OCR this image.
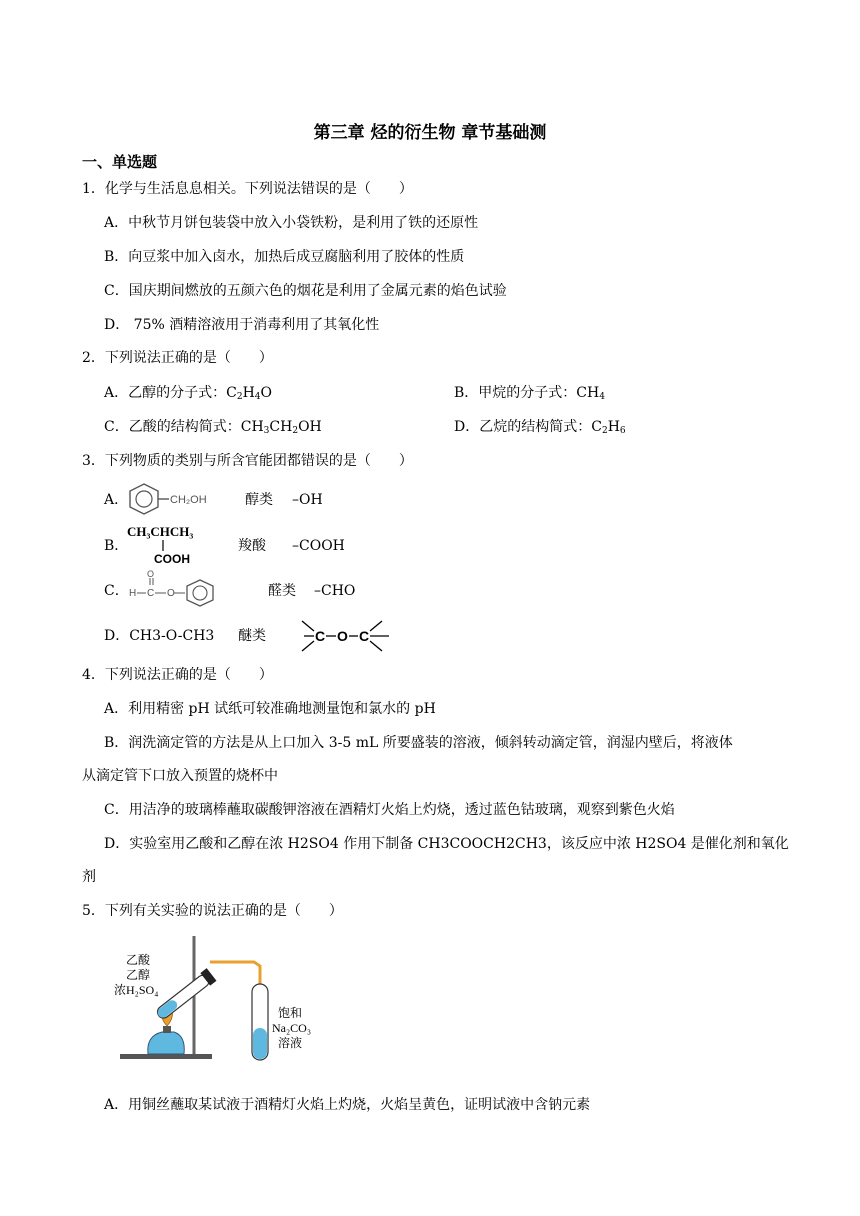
第三章 烃的衍生物 章节基础测
一、单选题
1．化学与生活息息相关。下列说法错误的是（　　）
A．中秋节月饼包装袋中放入小袋铁粉，是利用了铁的还原性
B．向豆浆中加入卤水，加热后成豆腐脑利用了胶体的性质
C．国庆期间燃放的五颜六色的烟花是利用了金属元素的焰色试验
D． 75% 酒精溶液用于消毒利用了其氧化性
2．下列说法正确的是（　　）
A．乙醇的分子式：$C_2H_4O$	B．甲烷的分子式：$CH_4$
C．乙酸的结构简式：$CH_3CH_2OH$	D．乙烷的结构简式：$C_2H_6$
3．下列物质的类别与所含官能团都错误的是（　　）
A．	CH₂OH	醇类 –OH
B．
CH₃CHCH₃
COOH
羧酸 –COOH
C． H C
O
O	醛类 –CHO
D．CH3-O-CH3 醚类	C O C
4．下列说法正确的是（　　）
A．利用精密 pH 试纸可较准确地测量饱和氯水的 pH
B．润洗滴定管的方法是从上口加入 3-5 mL 所要盛装的溶液，倾斜转动滴定管，润湿内壁后，将液体
从滴定管下口放入预置的烧杯中
C．用洁净的玻璃棒蘸取碳酸钾溶液在酒精灯火焰上灼烧，透过蓝色钴玻璃，观察到紫色火焰
D．实验室用乙酸和乙醇在浓 H2SO4 作用下制备 CH3COOCH2CH3，该反应中浓 H2SO4 是催化剂和氧化
剂
5．下列有关实验的说法正确的是（　　）
乙酸
乙醇
浓H₂SO₄
饱和
Na₂CO₃
溶液
A．用铜丝蘸取某试液于酒精灯火焰上灼烧，火焰呈黄色，证明试液中含钠元素
